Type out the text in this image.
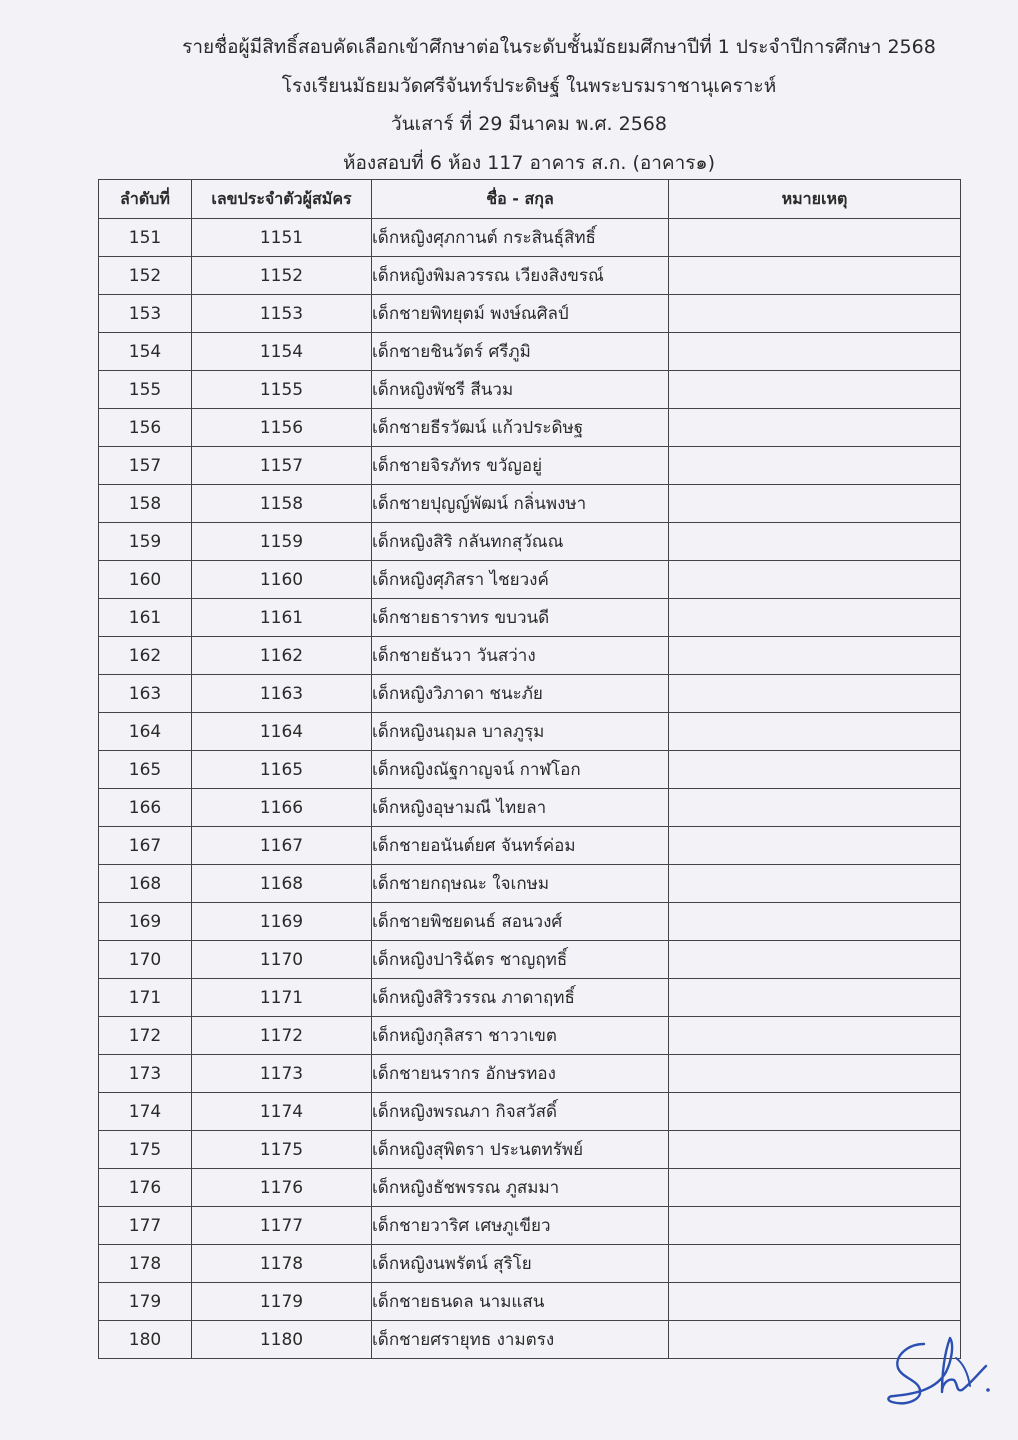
รายชื่อผู้มีสิทธิ์สอบคัดเลือกเข้าศึกษาต่อในระดับชั้นมัธยมศึกษาปีที่ 1 ประจำปีการศึกษา 2568
โรงเรียนมัธยมวัดศรีจันทร์ประดิษฐ์ ในพระบรมราชานุเคราะห์
วันเสาร์ ที่ 29 มีนาคม พ.ศ. 2568
ห้องสอบที่ 6 ห้อง 117 อาคาร ส.ก. (อาคาร๑)
ลำดับที่	เลขประจำตัวผู้สมัคร	ชื่อ - สกุล	หมายเหตุ
151	1151	เด็กหญิงศุภกานต์ กระสินธุ์สิทธิ์	
152	1152	เด็กหญิงพิมลวรรณ เวียงสิงขรณ์	
153	1153	เด็กชายพิทยุตม์ พงษ์ณศิลป์	
154	1154	เด็กชายชินวัตร์ ศรีภูมิ	
155	1155	เด็กหญิงพัชรี สีนวม	
156	1156	เด็กชายธีรวัฒน์ แก้วประดิษฐ	
157	1157	เด็กชายจิรภัทร ขวัญอยู่	
158	1158	เด็กชายปุญญ์พัฒน์ กลิ่นพงษา	
159	1159	เด็กหญิงสิริ กลันทกสุวัณณ	
160	1160	เด็กหญิงศุภิสรา ไชยวงค์	
161	1161	เด็กชายธาราทร ขบวนดี	
162	1162	เด็กชายธันวา วันสว่าง	
163	1163	เด็กหญิงวิภาดา ชนะภัย	
164	1164	เด็กหญิงนฤมล บาลภูรุม	
165	1165	เด็กหญิงณัฐกาญจน์ กาฬโอก	
166	1166	เด็กหญิงอุษามณี ไทยลา	
167	1167	เด็กชายอนันต์ยศ จันทร์ค่อม	
168	1168	เด็กชายกฤษณะ ใจเกษม	
169	1169	เด็กชายพิชยดนธ์ สอนวงศ์	
170	1170	เด็กหญิงปาริฉัตร ชาญฤทธิ์	
171	1171	เด็กหญิงสิริวรรณ ภาดาฤทธิ์	
172	1172	เด็กหญิงกุลิสรา ชาวาเขต	
173	1173	เด็กชายนรากร อักษรทอง	
174	1174	เด็กหญิงพรณภา กิจสวัสดิ์	
175	1175	เด็กหญิงสุพิตรา ประนตทรัพย์	
176	1176	เด็กหญิงธัชพรรณ ภูสมมา	
177	1177	เด็กชายวาริศ เศษภูเขียว	
178	1178	เด็กหญิงนพรัตน์ สุริโย	
179	1179	เด็กชายธนดล นามแสน	
180	1180	เด็กชายศรายุทธ งามตรง	
